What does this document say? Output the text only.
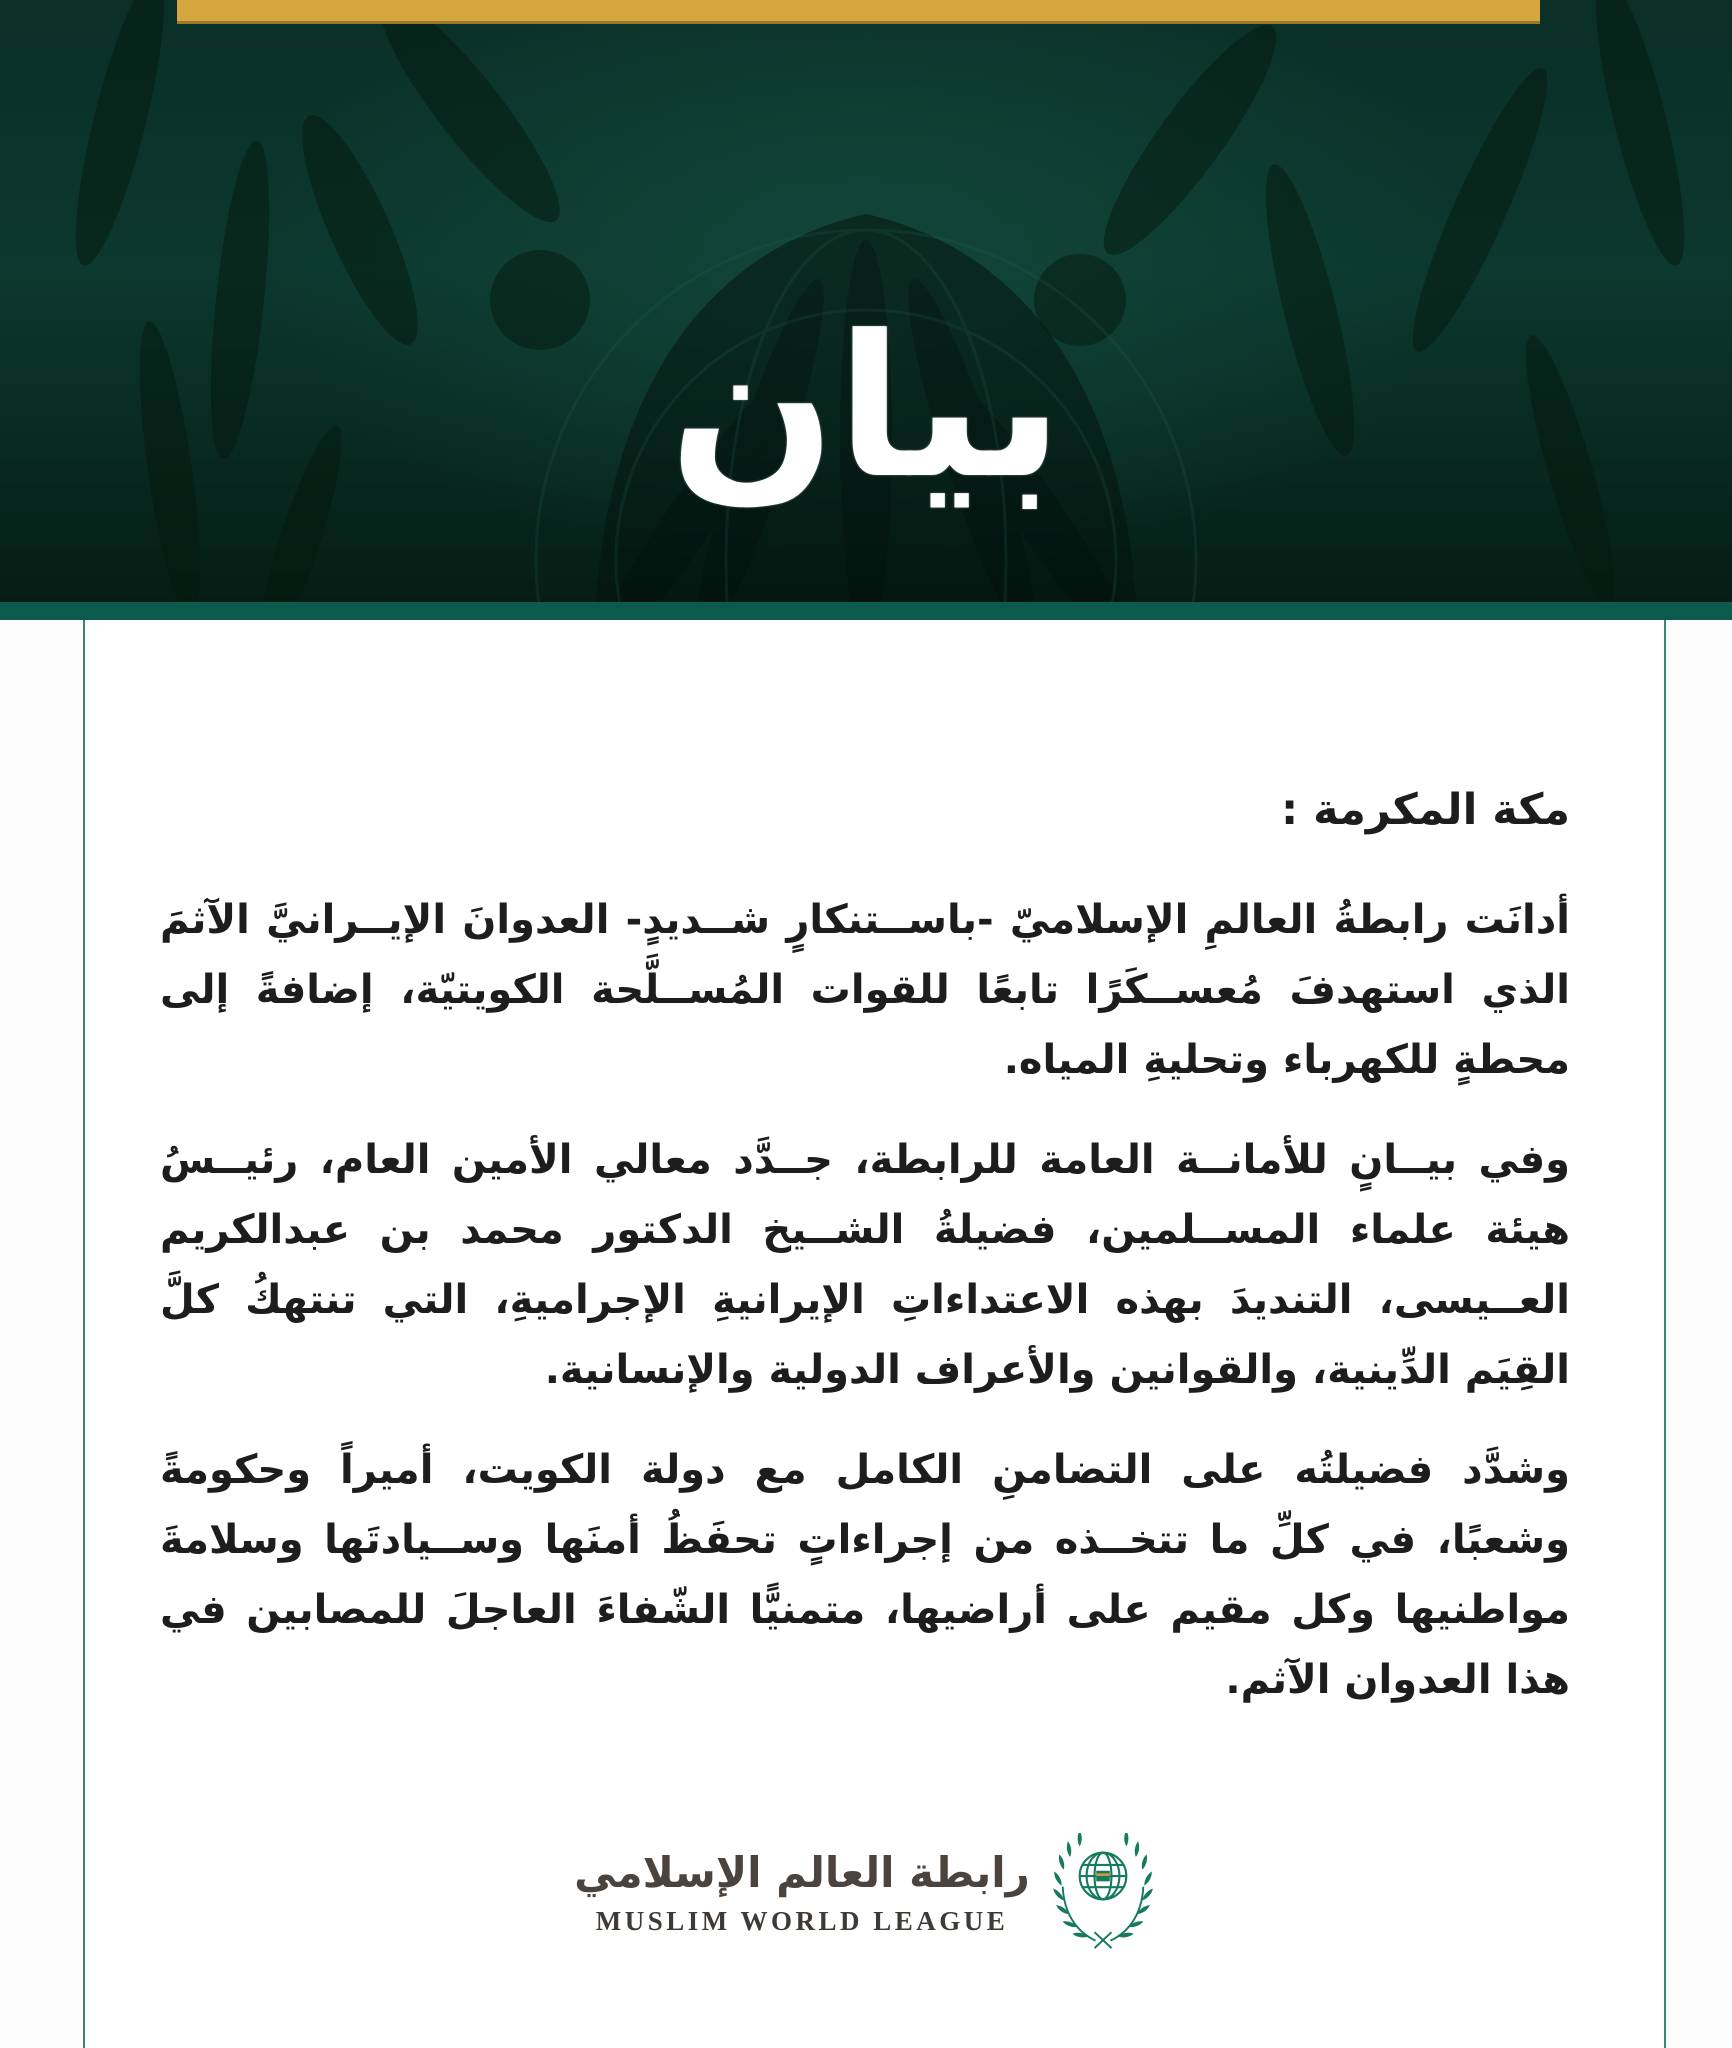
بيان
مكة المكرمة :

أدانَت رابطةُ العالمِ الإسلاميّ -باســتنكارٍ شــديدٍ- العدوانَ الإيــرانيَّ الآثمَ الذي استهدفَ مُعســكَرًا تابعًا للقوات المُســلَّحة الكويتيّة، إضافةً إلى محطةٍ للكهرباء وتحليةِ المياه.

وفي بيــانٍ للأمانــة العامة للرابطة، جــدَّد معالي الأمين العام، رئيــسُ هيئة علماء المســلمين، فضيلةُ الشــيخ الدكتور محمد بن عبدالكريم العــيسى، التنديدَ بهذه الاعتداءاتِ الإيرانيةِ الإجراميةِ، التي تنتهكُ كلَّ القِيَم الدِّينية، والقوانين والأعراف الدولية والإنسانية.

وشدَّد فضيلتُه على التضامنِ الكامل مع دولة الكويت، أميراً وحكومةً وشعبًا، في كلِّ ما تتخــذه من إجراءاتٍ تحفَظُ أمنَها وســيادتَها وسلامةَ مواطنيها وكل مقيم على أراضيها، متمنيًّا الشّفاءَ العاجلَ للمصابين في هذا العدوان الآثم.

رابطة العالم الإسلامي
MUSLIM WORLD LEAGUE
